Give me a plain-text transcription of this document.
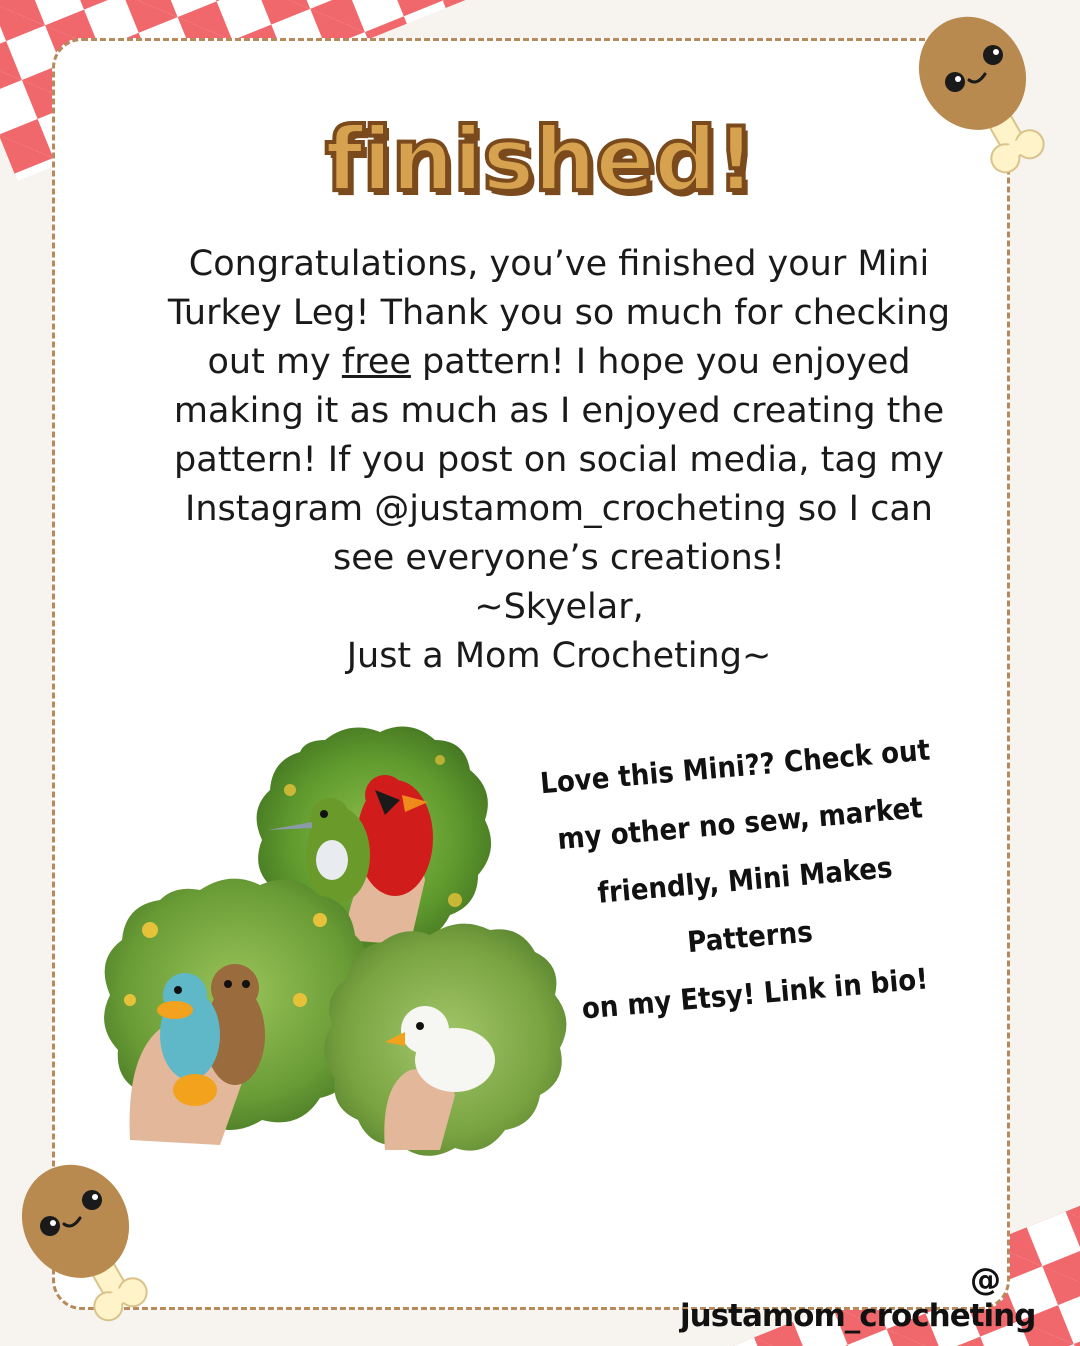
finished!
Congratulations, you’ve finished your Mini Turkey Leg! Thank you so much for checking out my free pattern! I hope you enjoyed making it as much as I enjoyed creating the pattern! If you post on social media, tag my Instagram @justamom_crocheting so I can see everyone’s creations!
~Skyelar,
Just a Mom Crocheting~
Love this Mini?? Check out
my other no sew, market
friendly, Mini Makes Patterns
on my Etsy! Link in bio!
@ justamom_crocheting
